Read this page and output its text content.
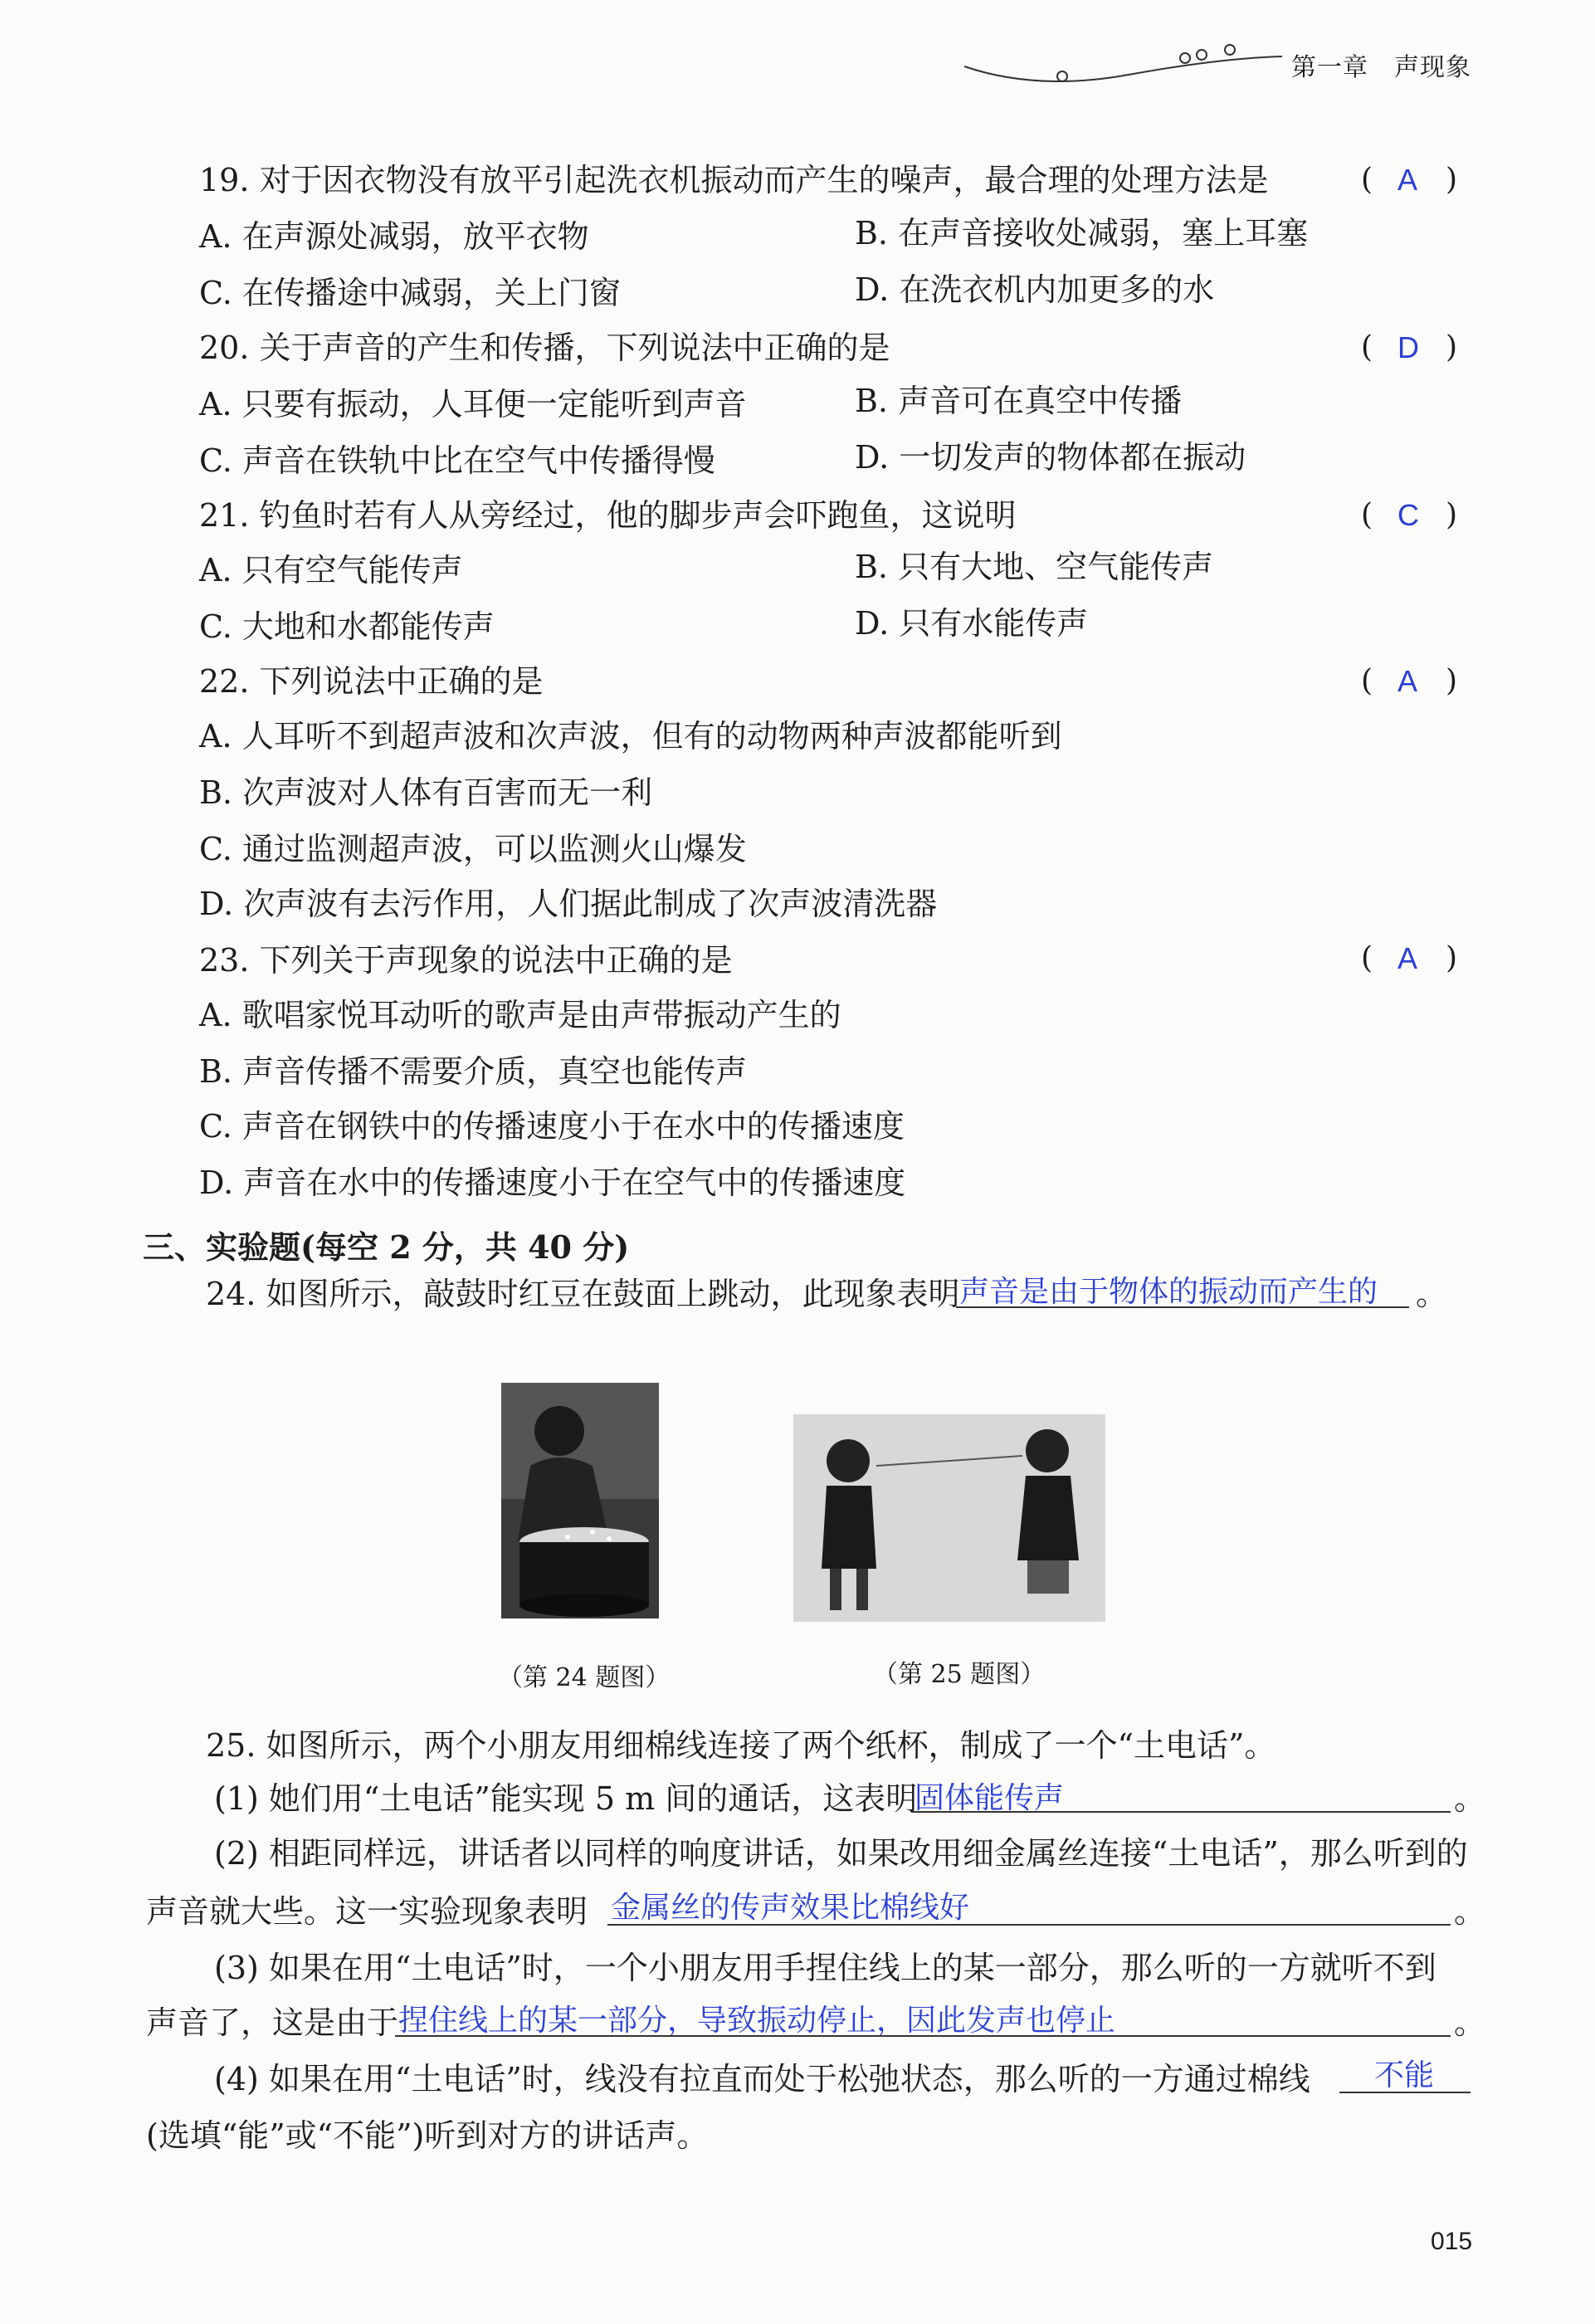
第一章　声现象
19. 对于因衣物没有放平引起洗衣机振动而产生的噪声，最合理的处理方法是	( A )
A. 在声源处减弱，放平衣物	B. 在声音接收处减弱，塞上耳塞
C. 在传播途中减弱，关上门窗	D. 在洗衣机内加更多的水
20. 关于声音的产生和传播，下列说法中正确的是	( D )
A. 只要有振动，人耳便一定能听到声音	B. 声音可在真空中传播
C. 声音在铁轨中比在空气中传播得慢	D. 一切发声的物体都在振动
21. 钓鱼时若有人从旁经过，他的脚步声会吓跑鱼，这说明	( C )
A. 只有空气能传声	B. 只有大地、空气能传声
C. 大地和水都能传声	D. 只有水能传声
22. 下列说法中正确的是	( A )
A. 人耳听不到超声波和次声波，但有的动物两种声波都能听到
B. 次声波对人体有百害而无一利
C. 通过监测超声波，可以监测火山爆发
D. 次声波有去污作用，人们据此制成了次声波清洗器
23. 下列关于声现象的说法中正确的是	( A )
A. 歌唱家悦耳动听的歌声是由声带振动产生的
B. 声音传播不需要介质，真空也能传声
C. 声音在钢铁中的传播速度小于在水中的传播速度
D. 声音在水中的传播速度小于在空气中的传播速度
三、实验题(每空 2 分，共 40 分)
24. 如图所示，敲鼓时红豆在鼓面上跳动，此现象表明 声音是由于物体的振动而产生的 。
（第 24 题图）	（第 25 题图）
25. 如图所示，两个小朋友用细棉线连接了两个纸杯，制成了一个“土电话”。
(1) 她们用“土电话”能实现 5 m 间的通话，这表明
固体能传声	。
(2) 相距同样远，讲话者以同样的响度讲话，如果改用细金属丝连接“土电话”，那么听到的
声音就大些。这一实验现象表明 金属丝的传声效果比棉线好	。
(3) 如果在用“土电话”时，一个小朋友用手捏住线上的某一部分，那么听的一方就听不到
声音了，这是由于 捏住线上的某一部分，导致振动停止，因此发声也停止	。
(4) 如果在用“土电话”时，线没有拉直而处于松弛状态，那么听的一方通过棉线 不能
(选填“能”或“不能”)听到对方的讲话声。
015
